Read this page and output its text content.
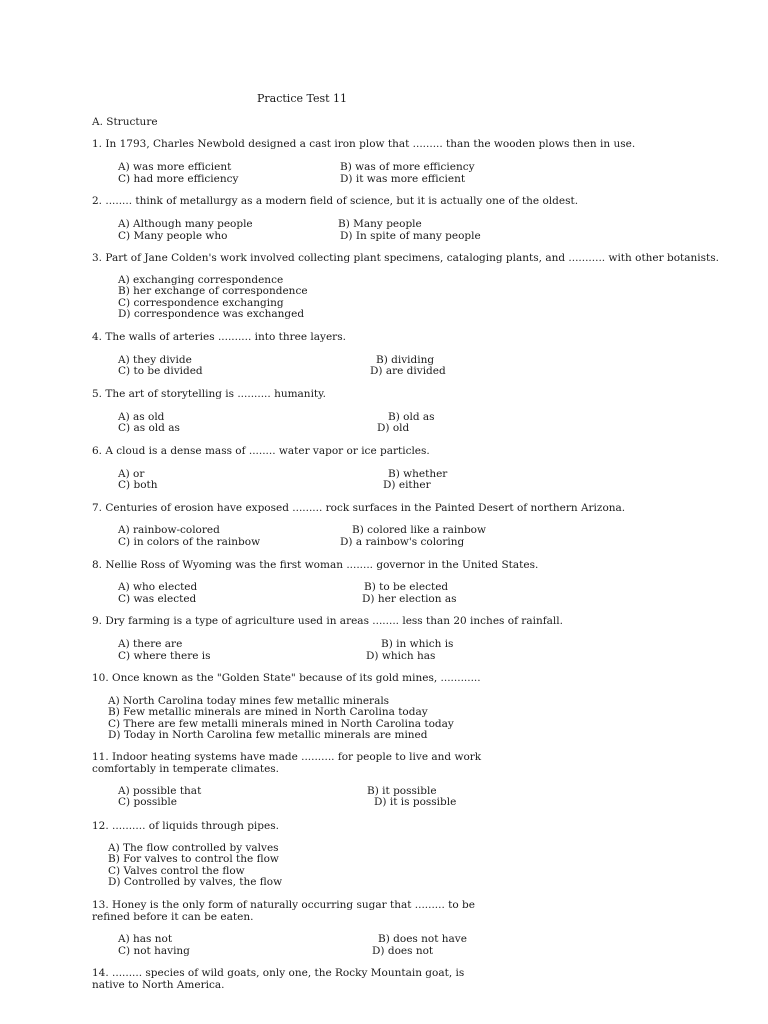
Practice Test 11
A. Structure
1. In 1793, Charles Newbold designed a cast iron plow that ......... than the wooden plows then in use.
A) was more efficient	B) was of more efficiency
C) had more efficiency	D) it was more efficient
2. ........ think of metallurgy as a modern field of science, but it is actually one of the oldest.
A) Although many people	B) Many people
C) Many people who	D) In spite of many people
3. Part of Jane Colden's work involved collecting plant specimens, cataloging plants, and ........... with other botanists.
A) exchanging correspondence
B) her exchange of correspondence
C) correspondence exchanging
D) correspondence was exchanged
4. The walls of arteries .......... into three layers.
A) they divide	B) dividing
C) to be divided	D) are divided
5. The art of storytelling is .......... humanity.
A) as old	B) old as
C) as old as	D) old
6. A cloud is a dense mass of ........ water vapor or ice particles.
A) or	B) whether
C) both	D) either
7. Centuries of erosion have exposed ......... rock surfaces in the Painted Desert of northern Arizona.
A) rainbow-colored	B) colored like a rainbow
C) in colors of the rainbow	D) a rainbow's coloring
8. Nellie Ross of Wyoming was the first woman ........ governor in the United States.
A) who elected	B) to be elected
C) was elected	D) her election as
9. Dry farming is a type of agriculture used in areas ........ less than 20 inches of rainfall.
A) there are	B) in which is
C) where there is	D) which has
10. Once known as the "Golden State" because of its gold mines, ............
A) North Carolina today mines few metallic minerals
B) Few metallic minerals are mined in North Carolina today
C) There are few metalli minerals mined in North Carolina today
D) Today in North Carolina few metallic minerals are mined
11. Indoor heating systems have made .......... for people to live and work
comfortably in temperate climates.
A) possible that	B) it possible
C) possible	D) it is possible
12. .......... of liquids through pipes.
A) The flow controlled by valves
B) For valves to control the flow
C) Valves control the flow
D) Controlled by valves, the flow
13. Honey is the only form of naturally occurring sugar that ......... to be
refined before it can be eaten.
A) has not	B) does not have
C) not having	D) does not
14. ......... species of wild goats, only one, the Rocky Mountain goat, is
native to North America.
